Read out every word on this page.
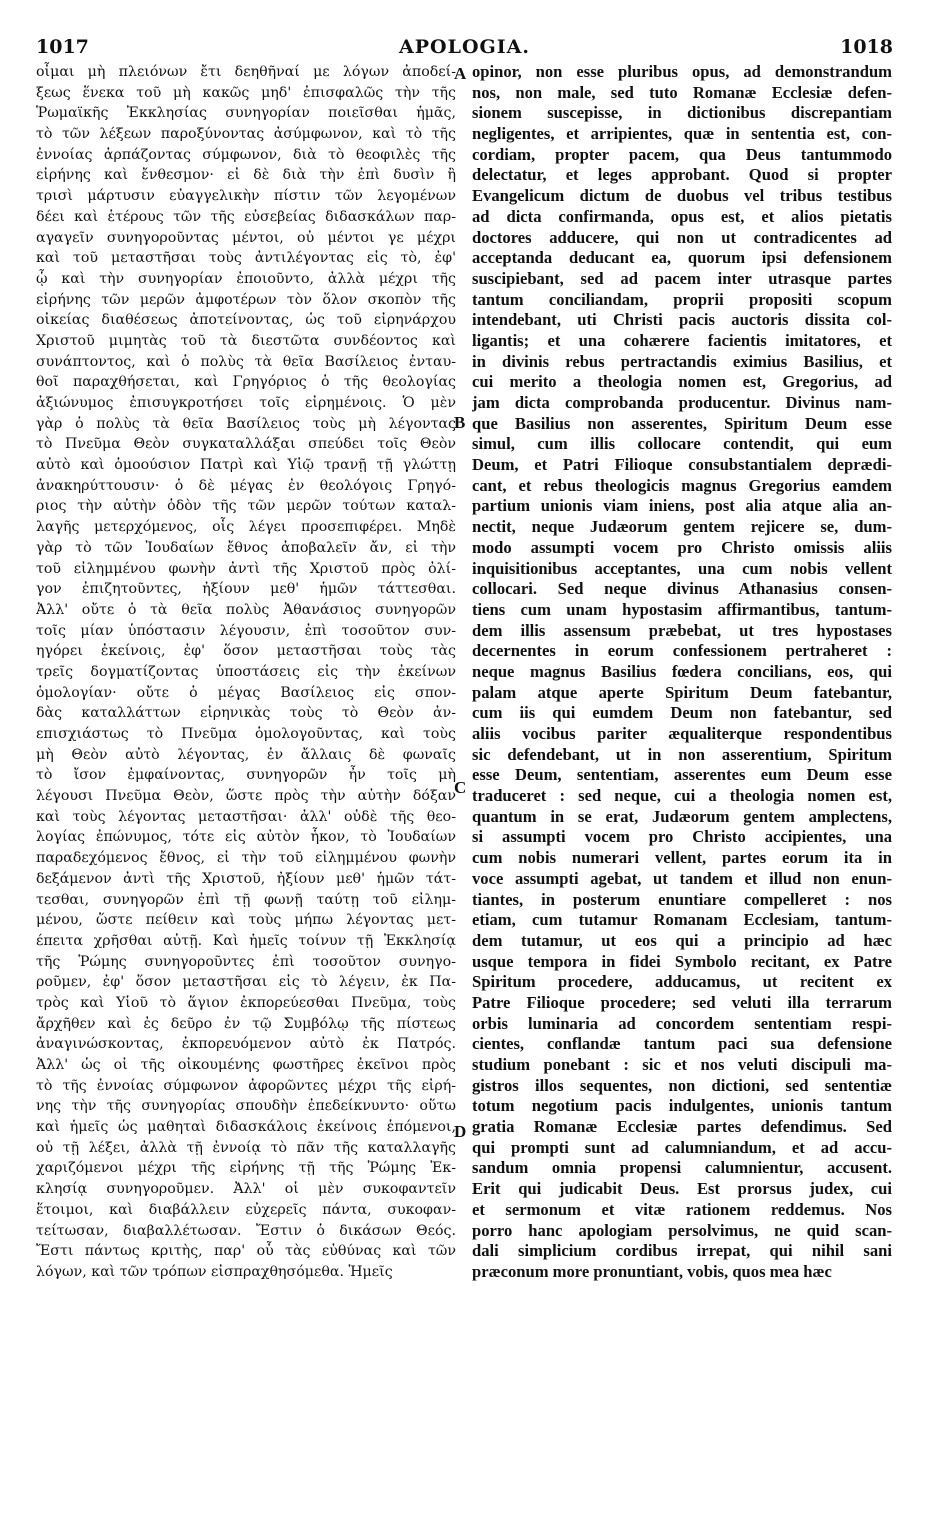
1017	APOLOGIA.	1018
οἶμαι μὴ πλειόνων ἔτι δεηθῆναί με λόγων ἀποδεί-
ξεως ἕνεκα τοῦ μὴ κακῶς μηδ' ἐπισφαλῶς τὴν τῆς
Ῥωμαϊκῆς Ἐκκλησίας συνηγορίαν ποιεῖσθαι ἡμᾶς,
τὸ τῶν λέξεων παροξύνοντας ἀσύμφωνον, καὶ τὸ τῆς
ἐννοίας ἁρπάζοντας σύμφωνον, διὰ τὸ θεοφιλὲς τῆς
εἰρήνης καὶ ἔνθεσμον· εἰ δὲ διὰ τὴν ἐπὶ δυσὶν ἢ
τρισὶ μάρτυσιν εὐαγγελικὴν πίστιν τῶν λεγομένων
δέει καὶ ἑτέρους τῶν τῆς εὐσεβείας διδασκάλων παρ-
αγαγεῖν συνηγοροῦντας μέντοι, οὐ μέντοι γε μέχρι
καὶ τοῦ μεταστῆσαι τοὺς ἀντιλέγοντας εἰς τὸ, ἐφ'
ᾧ καὶ τὴν συνηγορίαν ἐποιοῦντο, ἀλλὰ μέχρι τῆς
εἰρήνης τῶν μερῶν ἀμφοτέρων τὸν ὅλον σκοπὸν τῆς
οἰκείας διαθέσεως ἀποτείνοντας, ὡς τοῦ εἰρηνάρχου
Χριστοῦ μιμητὰς τοῦ τὰ διεστῶτα συνδέοντος καὶ
συνάπτοντος, καὶ ὁ πολὺς τὰ θεῖα Βασίλειος ἐνταυ-
θοῖ παραχθήσεται, καὶ Γρηγόριος ὁ τῆς θεολογίας
ἀξιώνυμος ἐπισυγκροτήσει τοῖς εἰρημένοις. Ὁ μὲν
γὰρ ὁ πολὺς τὰ θεῖα Βασίλειος τοὺς μὴ λέγοντας
τὸ Πνεῦμα Θεὸν συγκαταλλάξαι σπεύδει τοῖς Θεὸν
αὐτὸ καὶ ὁμοούσιον Πατρὶ καὶ Υἱῷ τρανῇ τῇ γλώττῃ
ἀνακηρύττουσιν· ὁ δὲ μέγας ἐν θεολόγοις Γρηγό-
ριος τὴν αὐτὴν ὁδὸν τῆς τῶν μερῶν τούτων καταλ-
λαγῆς μετερχόμενος, οἷς λέγει προσεπιφέρει. Μηδὲ
γὰρ τὸ τῶν Ἰουδαίων ἔθνος ἀποβαλεῖν ἄν, εἰ τὴν
τοῦ εἰλημμένου φωνὴν ἀντὶ τῆς Χριστοῦ πρὸς ὀλί-
γον ἐπιζητοῦντες, ἠξίουν μεθ' ἡμῶν τάττεσθαι.
Ἀλλ' οὔτε ὁ τὰ θεῖα πολὺς Ἀθανάσιος συνηγορῶν
τοῖς μίαν ὑπόστασιν λέγουσιν, ἐπὶ τοσοῦτον συν-
ηγόρει ἐκείνοις, ἐφ' ὅσον μεταστῆσαι τοὺς τὰς
τρεῖς δογματίζοντας ὑποστάσεις εἰς τὴν ἐκείνων
ὁμολογίαν· οὔτε ὁ μέγας Βασίλειος εἰς σπον-
δὰς καταλλάττων εἰρηνικὰς τοὺς τὸ Θεὸν ἀν-
επισχιάστως τὸ Πνεῦμα ὁμολογοῦντας, καὶ τοὺς
μὴ Θεὸν αὐτὸ λέγοντας, ἐν ἄλλαις δὲ φωναῖς
τὸ ἴσον ἐμφαίνοντας, συνηγορῶν ἦν τοῖς μὴ
λέγουσι Πνεῦμα Θεὸν, ὥστε πρὸς τὴν αὐτὴν δόξαν
καὶ τοὺς λέγοντας μεταστῆσαι· ἀλλ' οὐδὲ τῆς θεο-
λογίας ἐπώνυμος, τότε εἰς αὐτὸν ἧκον, τὸ Ἰουδαίων
παραδεχόμενος ἔθνος, εἰ τὴν τοῦ εἰλημμένου φωνὴν
δεξάμενον ἀντὶ τῆς Χριστοῦ, ἠξίουν μεθ' ἡμῶν τάτ-
τεσθαι, συνηγορῶν ἐπὶ τῇ φωνῇ ταύτῃ τοῦ εἰλημ-
μένου, ὥστε πείθειν καὶ τοὺς μήπω λέγοντας μετ-
έπειτα χρῆσθαι αὐτῇ. Καὶ ἡμεῖς τοίνυν τῇ Ἐκκλησίᾳ
τῆς Ῥώμης συνηγοροῦντες ἐπὶ τοσοῦτον συνηγο-
ροῦμεν, ἐφ' ὅσον μεταστῆσαι εἰς τὸ λέγειν, ἐκ Πα-
τρὸς καὶ Υἱοῦ τὸ ἅγιον ἐκπορεύεσθαι Πνεῦμα, τοὺς
ἄρχῆθεν καὶ ἐς δεῦρο ἐν τῷ Συμβόλῳ τῆς πίστεως
ἀναγινώσκοντας, ἐκπορευόμενον αὐτὸ ἐκ Πατρός.
Ἀλλ' ὡς οἱ τῆς οἰκουμένης φωστῆρες ἐκεῖνοι πρὸς
τὸ τῆς ἐννοίας σύμφωνον ἀφορῶντες μέχρι τῆς εἰρή-
νης τὴν τῆς συνηγορίας σπουδὴν ἐπεδείκνυντο· οὕτω
καὶ ἡμεῖς ὡς μαθηταὶ διδασκάλοις ἐκείνοις ἑπόμενοι,
οὐ τῇ λέξει, ἀλλὰ τῇ ἐννοίᾳ τὸ πᾶν τῆς καταλλαγῆς
χαριζόμενοι μέχρι τῆς εἰρήνης τῇ τῆς Ῥώμης Ἐκ-
κλησίᾳ συνηγοροῦμεν. Ἀλλ' οἱ μὲν συκοφαντεῖν
ἕτοιμοι, καὶ διαβάλλειν εὐχερεῖς πάντα, συκοφαν-
τείτωσαν, διαβαλλέτωσαν. Ἔστιν ὁ δικάσων Θεός.
Ἔστι πάντως κριτὴς, παρ' οὗ τὰς εὐθύνας καὶ τῶν
λόγων, καὶ τῶν τρόπων εἰσπραχθησόμεθα. Ἡμεῖς
opinor, non esse pluribus opus, ad demonstrandum
nos, non male, sed tuto Romanæ Ecclesiæ defen-
sionem suscepisse, in dictionibus discrepantiam
negligentes, et arripientes, quæ in sententia est, con-
cordiam, propter pacem, qua Deus tantummodo
delectatur, et leges approbant. Quod si propter
Evangelicum dictum de duobus vel tribus testibus
ad dicta confirmanda, opus est, et alios pietatis
doctores adducere, qui non ut contradicentes ad
acceptanda deducant ea, quorum ipsi defensionem
suscipiebant, sed ad pacem inter utrasque partes
tantum conciliandam, proprii propositi scopum
intendebant, uti Christi pacis auctoris dissita col-
ligantis; et una cohærere facientis imitatores, et
in divinis rebus pertractandis eximius Basilius, et
cui merito a theologia nomen est, Gregorius, ad
jam dicta comprobanda producentur. Divinus nam-
que Basilius non asserentes, Spiritum Deum esse
simul, cum illis collocare contendit, qui eum
Deum, et Patri Filioque consubstantialem deprædi-
cant, et rebus theologicis magnus Gregorius eamdem
partium unionis viam iniens, post alia atque alia an-
nectit, neque Judæorum gentem rejicere se, dum-
modo assumpti vocem pro Christo omissis aliis
inquisitionibus acceptantes, una cum nobis vellent
collocari. Sed neque divinus Athanasius consen-
tiens cum unam hypostasim affirmantibus, tantum-
dem illis assensum præbebat, ut tres hypostases
decernentes in eorum confessionem pertraheret :
neque magnus Basilius fœdera concilians, eos, qui
palam atque aperte Spiritum Deum fatebantur,
cum iis qui eumdem Deum non fatebantur, sed
aliis vocibus pariter æqualiterque respondentibus
sic defendebant, ut in non asserentium, Spiritum
esse Deum, sententiam, asserentes eum Deum esse
traduceret : sed neque, cui a theologia nomen est,
quantum in se erat, Judæorum gentem amplectens,
si assumpti vocem pro Christo accipientes, una
cum nobis numerari vellent, partes eorum ita in
voce assumpti agebat, ut tandem et illud non enun-
tiantes, in posterum enuntiare compelleret : nos
etiam, cum tutamur Romanam Ecclesiam, tantum-
dem tutamur, ut eos qui a principio ad hæc
usque tempora in fidei Symbolo recitant, ex Patre
Spiritum procedere, adducamus, ut recitent ex
Patre Filioque procedere; sed veluti illa terrarum
orbis luminaria ad concordem sententiam respi-
cientes, conflandæ tantum paci sua defensione
studium ponebant : sic et nos veluti discipuli ma-
gistros illos sequentes, non dictioni, sed sententiæ
totum negotium pacis indulgentes, unionis tantum
gratia Romanæ Ecclesiæ partes defendimus. Sed
qui prompti sunt ad calumniandum, et ad accu-
sandum omnia propensi calumnientur, accusent.
Erit qui judicabit Deus. Est prorsus judex, cui
et sermonum et vitæ rationem reddemus. Nos
porro hanc apologiam persolvimus, ne quid scan-
dali simplicium cordibus irrepat, qui nihil sani
præconum more pronuntiant, vobis, quos mea hæc
A
B
C
D
